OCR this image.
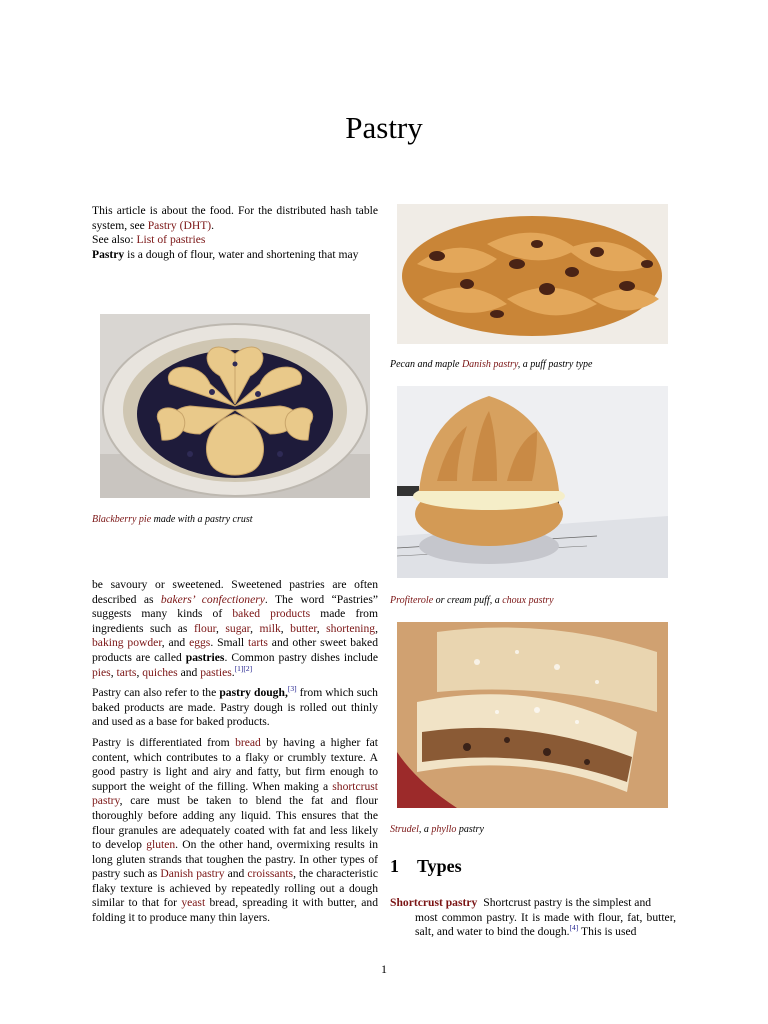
Pastry
This article is about the food. For the distributed hash table system, see Pastry (DHT).
See also: List of pastries
Pastry is a dough of flour, water and shortening that may
Blackberry pie made with a pastry crust

be savoury or sweetened. Sweetened pastries are often described as bakers’ confectionery. The word “Pastries” suggests many kinds of baked products made from ingredients such as flour, sugar, milk, butter, shortening, baking powder, and eggs. Small tarts and other sweet baked products are called pastries. Common pastry dishes include pies, tarts, quiches and pasties.[1][2]

Pastry can also refer to the pastry dough,[3] from which such baked products are made. Pastry dough is rolled out thinly and used as a base for baked products.

Pastry is differentiated from bread by having a higher fat content, which contributes to a flaky or crumbly texture. A good pastry is light and airy and fatty, but firm enough to support the weight of the filling. When making a shortcrust pastry, care must be taken to blend the fat and flour thoroughly before adding any liquid. This ensures that the flour granules are adequately coated with fat and less likely to develop gluten. On the other hand, overmixing results in long gluten strands that toughen the pastry. In other types of pastry such as Danish pastry and croissants, the characteristic flaky texture is achieved by repeatedly rolling out a dough similar to that for yeast bread, spreading it with butter, and folding it to produce many thin layers.

Pecan and maple Danish pastry, a puff pastry type
Profiterole or cream puff, a choux pastry
Strudel, a phyllo pastry
1 Types
Shortcrust pastry Shortcrust pastry is the simplest and
most common pastry. It is made with flour, fat, butter, salt, and water to bind the dough.[4] This is used
1
